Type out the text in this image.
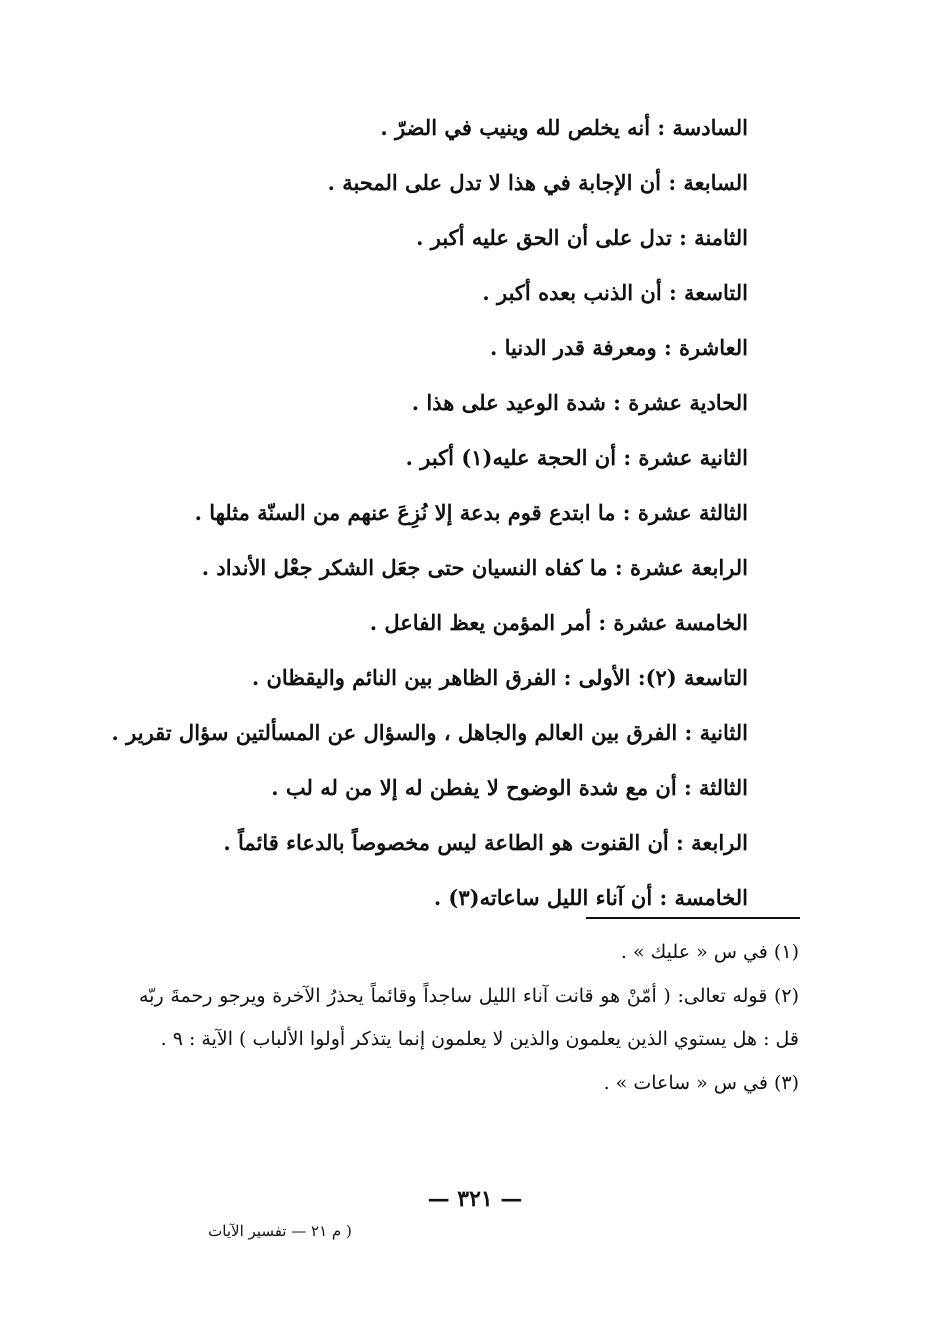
السادسة : أنه يخلص لله وينيب في الضرّ .

السابعة : أن الإجابة في هذا لا تدل على المحبة .

الثامنة : تدل على أن الحق عليه أكبر .

التاسعة : أن الذنب بعده أكبر .

العاشرة : ومعرفة قدر الدنيا .

الحادية عشرة : شدة الوعيد على هذا .

الثانية عشرة : أن الحجة عليه(١) أكبر .

الثالثة عشرة : ما ابتدع قوم بدعة إلا نُزِعَ عنهم من السنّة مثلها .

الرابعة عشرة : ما كفاه النسيان حتى جعَل الشكر جعْل الأنداد .

الخامسة عشرة : أمر المؤمن يعظ الفاعل .

التاسعة (٢): الأولى : الفرق الظاهر بين النائم واليقظان .

الثانية : الفرق بين العالم والجاهل ، والسؤال عن المسألتين سؤال تقرير .

الثالثة : أن مع شدة الوضوح لا يفطن له إلا من له لب .

الرابعة : أن القنوت هو الطاعة ليس مخصوصاً بالدعاء قائماً .

الخامسة : أن آناء الليل ساعاته(٣) .

(١) في س « عليك » .

(٢) قوله تعالى: ( أمّنْ هو قانت آناء الليل ساجداً وقائماً يحذرُ الآخرة ويرجو رحمةَ ربّه قل : هل يستوي الذين يعلمون والذين لا يعلمون إنما يتذكر أولوا الألباب ) الآية : ٩ .

(٣) في س « ساعات » .

— ٣٢١ —
( م ٢١ — تفسير الآيات
